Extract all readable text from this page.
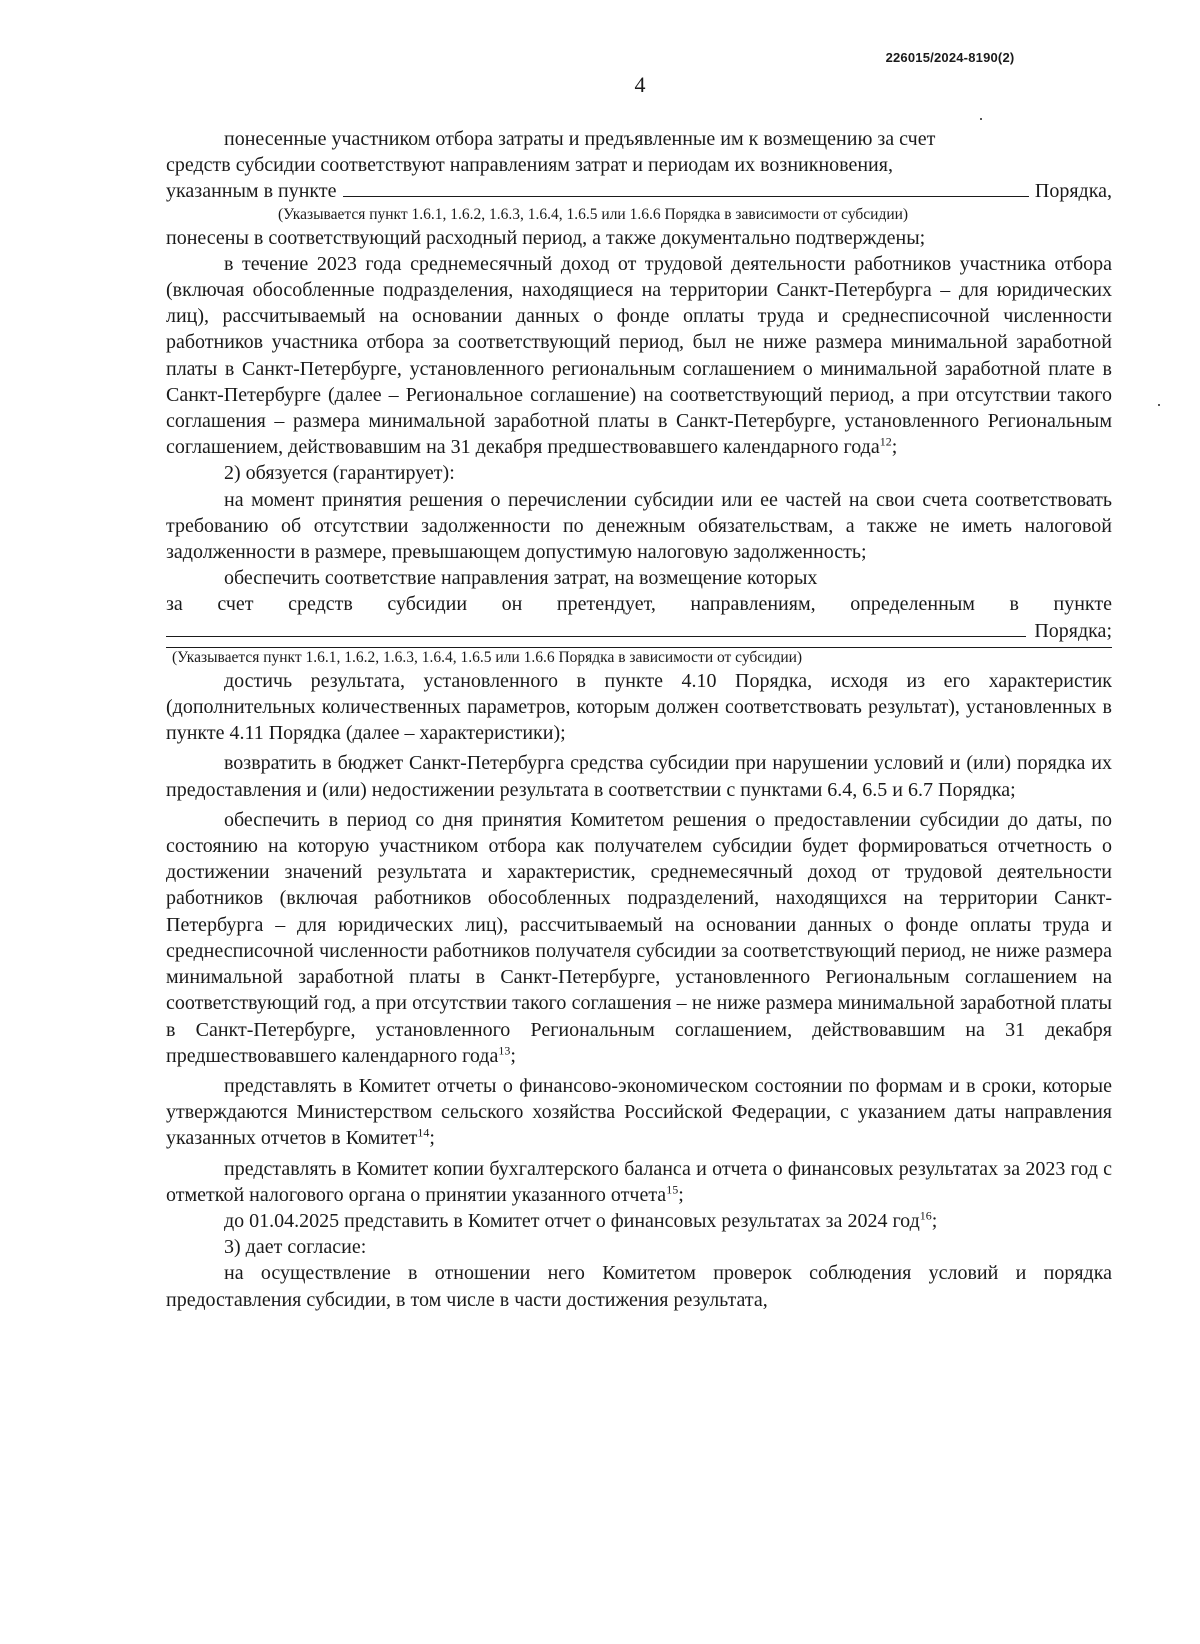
226015/2024-8190(2)
4

понесенные участником отбора затраты и предъявленные им к возмещению за счет

средств субсидии соответствуют направлениям затрат и периодам их возникновения,

указанным в пункте	Порядка,
(Указывается пункт 1.6.1, 1.6.2, 1.6.3, 1.6.4, 1.6.5 или 1.6.6 Порядка в зависимости от субсидии)

понесены в соответствующий расходный период, а также документально подтверждены;

в течение 2023 года среднемесячный доход от трудовой деятельности работников участника отбора (включая обособленные подразделения, находящиеся на территории Санкт-Петербурга – для юридических лиц), рассчитываемый на основании данных о фонде оплаты труда и среднесписочной численности работников участника отбора за соответствующий период, был не ниже размера минимальной заработной платы в Санкт-Петербурге, установленного региональным соглашением о минимальной заработной плате в Санкт-Петербурге (далее – Региональное соглашение) на соответствующий период, а при отсутствии такого соглашения – размера минимальной заработной платы в Санкт-Петербурге, установленного Региональным соглашением, действовавшим на 31 декабря предшествовавшего календарного года$^{12}$;

2) обязуется (гарантирует):

на момент принятия решения о перечислении субсидии или ее частей на свои счета соответствовать требованию об отсутствии задолженности по денежным обязательствам, а также не иметь налоговой задолженности в размере, превышающем допустимую налоговую задолженность;

обеспечить соответствие направления затрат, на возмещение которых

за счет средств субсидии он претендует, направлениям, определенным в пункте

Порядка;
(Указывается пункт 1.6.1, 1.6.2, 1.6.3, 1.6.4, 1.6.5 или 1.6.6 Порядка в зависимости от субсидии)

достичь результата, установленного в пункте 4.10 Порядка, исходя из его характеристик (дополнительных количественных параметров, которым должен соответствовать результат), установленных в пункте 4.11 Порядка (далее – характеристики);

возвратить в бюджет Санкт-Петербурга средства субсидии при нарушении условий и (или) порядка их предоставления и (или) недостижении результата в соответствии с пунктами 6.4, 6.5 и 6.7 Порядка;

обеспечить в период со дня принятия Комитетом решения о предоставлении субсидии до даты, по состоянию на которую участником отбора как получателем субсидии будет формироваться отчетность о достижении значений результата и характеристик, среднемесячный доход от трудовой деятельности работников (включая работников обособленных подразделений, находящихся на территории Санкт-Петербурга – для юридических лиц), рассчитываемый на основании данных о фонде оплаты труда и среднесписочной численности работников получателя субсидии за соответствующий период, не ниже размера минимальной заработной платы в Санкт-Петербурге, установленного Региональным соглашением на соответствующий год, а при отсутствии такого соглашения – не ниже размера минимальной заработной платы в Санкт-Петербурге, установленного Региональным соглашением, действовавшим на 31 декабря предшествовавшего календарного года$^{13}$;

представлять в Комитет отчеты о финансово-экономическом состоянии по формам и в сроки, которые утверждаются Министерством сельского хозяйства Российской Федерации, с указанием даты направления указанных отчетов в Комитет$^{14}$;

представлять в Комитет копии бухгалтерского баланса и отчета о финансовых результатах за 2023 год с отметкой налогового органа о принятии указанного отчета$^{15}$;

до 01.04.2025 представить в Комитет отчет о финансовых результатах за 2024 год$^{16}$;

3) дает согласие:

на осуществление в отношении него Комитетом проверок соблюдения условий и порядка предоставления субсидии, в том числе в части достижения результата,
